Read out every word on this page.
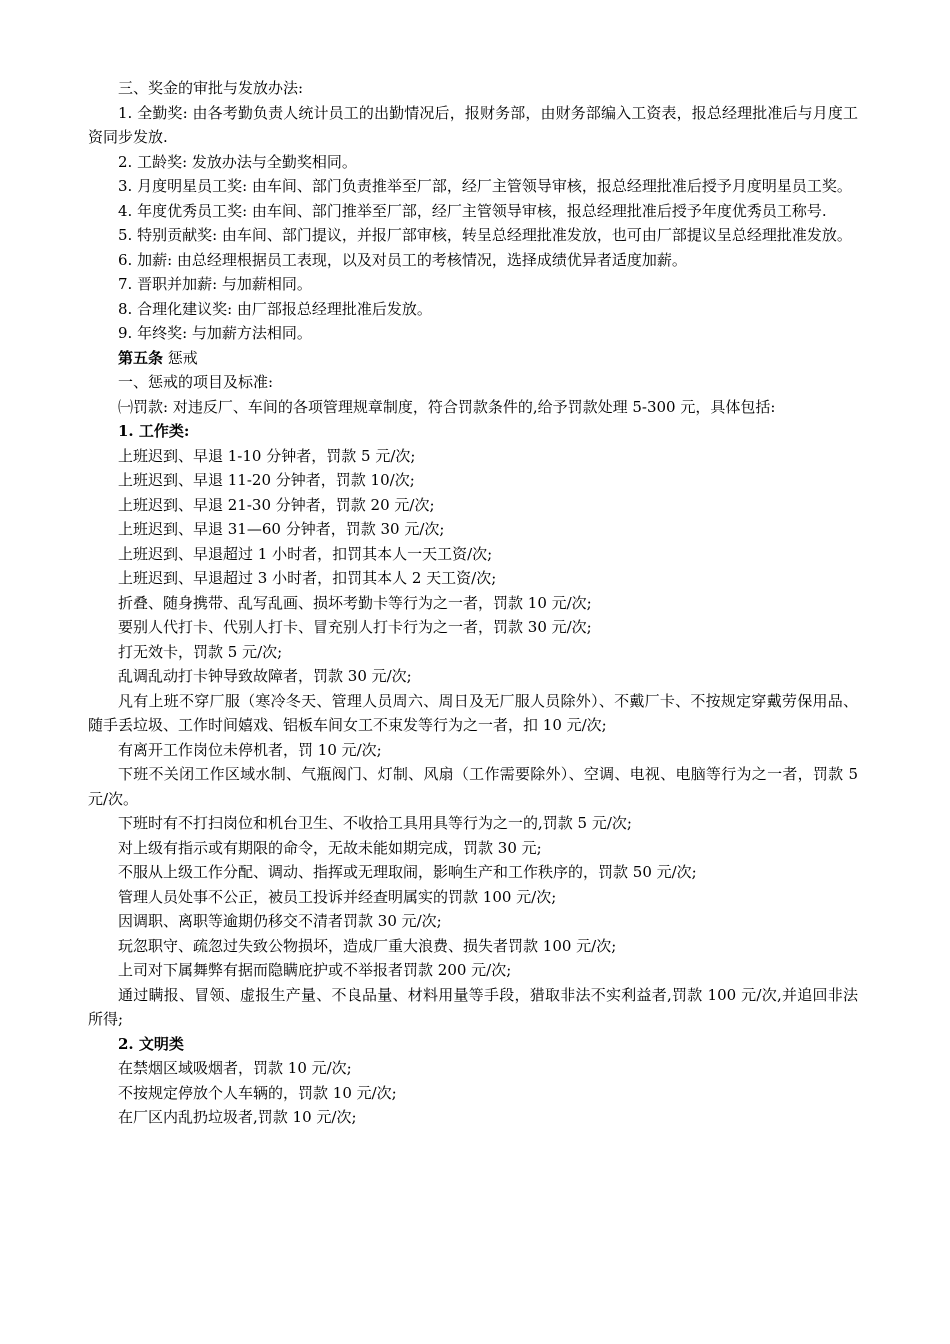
三、奖金的审批与发放办法:

1. 全勤奖: 由各考勤负责人统计员工的出勤情况后，报财务部，由财务部编入工资表，报总经理批准后与月度工资同步发放.

2. 工龄奖: 发放办法与全勤奖相同。

3. 月度明星员工奖: 由车间、部门负责推举至厂部，经厂主管领导审核，报总经理批准后授予月度明星员工奖。

4. 年度优秀员工奖: 由车间、部门推举至厂部，经厂主管领导审核，报总经理批准后授予年度优秀员工称号.

5. 特别贡献奖: 由车间、部门提议，并报厂部审核，转呈总经理批准发放，也可由厂部提议呈总经理批准发放。

6. 加薪: 由总经理根据员工表现，以及对员工的考核情况，选择成绩优异者适度加薪。

7. 晋职并加薪: 与加薪相同。

8. 合理化建议奖: 由厂部报总经理批准后发放。

9. 年终奖: 与加薪方法相同。

第五条 惩戒

一、惩戒的项目及标准:

㈠罚款: 对违反厂、车间的各项管理规章制度，符合罚款条件的,给予罚款处理 5-300 元，具体包括:

1. 工作类:

上班迟到、早退 1-10 分钟者，罚款 5 元/次;

上班迟到、早退 11-20 分钟者，罚款 10/次;

上班迟到、早退 21-30 分钟者，罚款 20 元/次;

上班迟到、早退 31—60 分钟者，罚款 30 元/次;

上班迟到、早退超过 1 小时者，扣罚其本人一天工资/次;

上班迟到、早退超过 3 小时者，扣罚其本人 2 天工资/次;

折叠、随身携带、乱写乱画、损坏考勤卡等行为之一者，罚款 10 元/次;

要别人代打卡、代别人打卡、冒充别人打卡行为之一者，罚款 30 元/次;

打无效卡，罚款 5 元/次;

乱调乱动打卡钟导致故障者，罚款 30 元/次;

凡有上班不穿厂服（寒冷冬天、管理人员周六、周日及无厂服人员除外）、不戴厂卡、不按规定穿戴劳保用品、随手丢垃圾、工作时间嬉戏、铝板车间女工不束发等行为之一者，扣 10 元/次;

有离开工作岗位未停机者，罚 10 元/次;

下班不关闭工作区域水制、气瓶阀门、灯制、风扇（工作需要除外）、空调、电视、电脑等行为之一者，罚款 5 元/次。

下班时有不打扫岗位和机台卫生、不收拾工具用具等行为之一的,罚款 5 元/次;

对上级有指示或有期限的命令，无故未能如期完成，罚款 30 元;

不服从上级工作分配、调动、指挥或无理取闹，影响生产和工作秩序的，罚款 50 元/次;

管理人员处事不公正，被员工投诉并经查明属实的罚款 100 元/次;

因调职、离职等逾期仍移交不清者罚款 30 元/次;

玩忽职守、疏忽过失致公物损坏，造成厂重大浪费、损失者罚款 100 元/次;

上司对下属舞弊有据而隐瞒庇护或不举报者罚款 200 元/次;

通过瞒报、冒领、虚报生产量、不良品量、材料用量等手段，猎取非法不实利益者,罚款 100 元/次,并追回非法所得;

2. 文明类

在禁烟区域吸烟者，罚款 10 元/次;

不按规定停放个人车辆的，罚款 10 元/次;

在厂区内乱扔垃圾者,罚款 10 元/次;
